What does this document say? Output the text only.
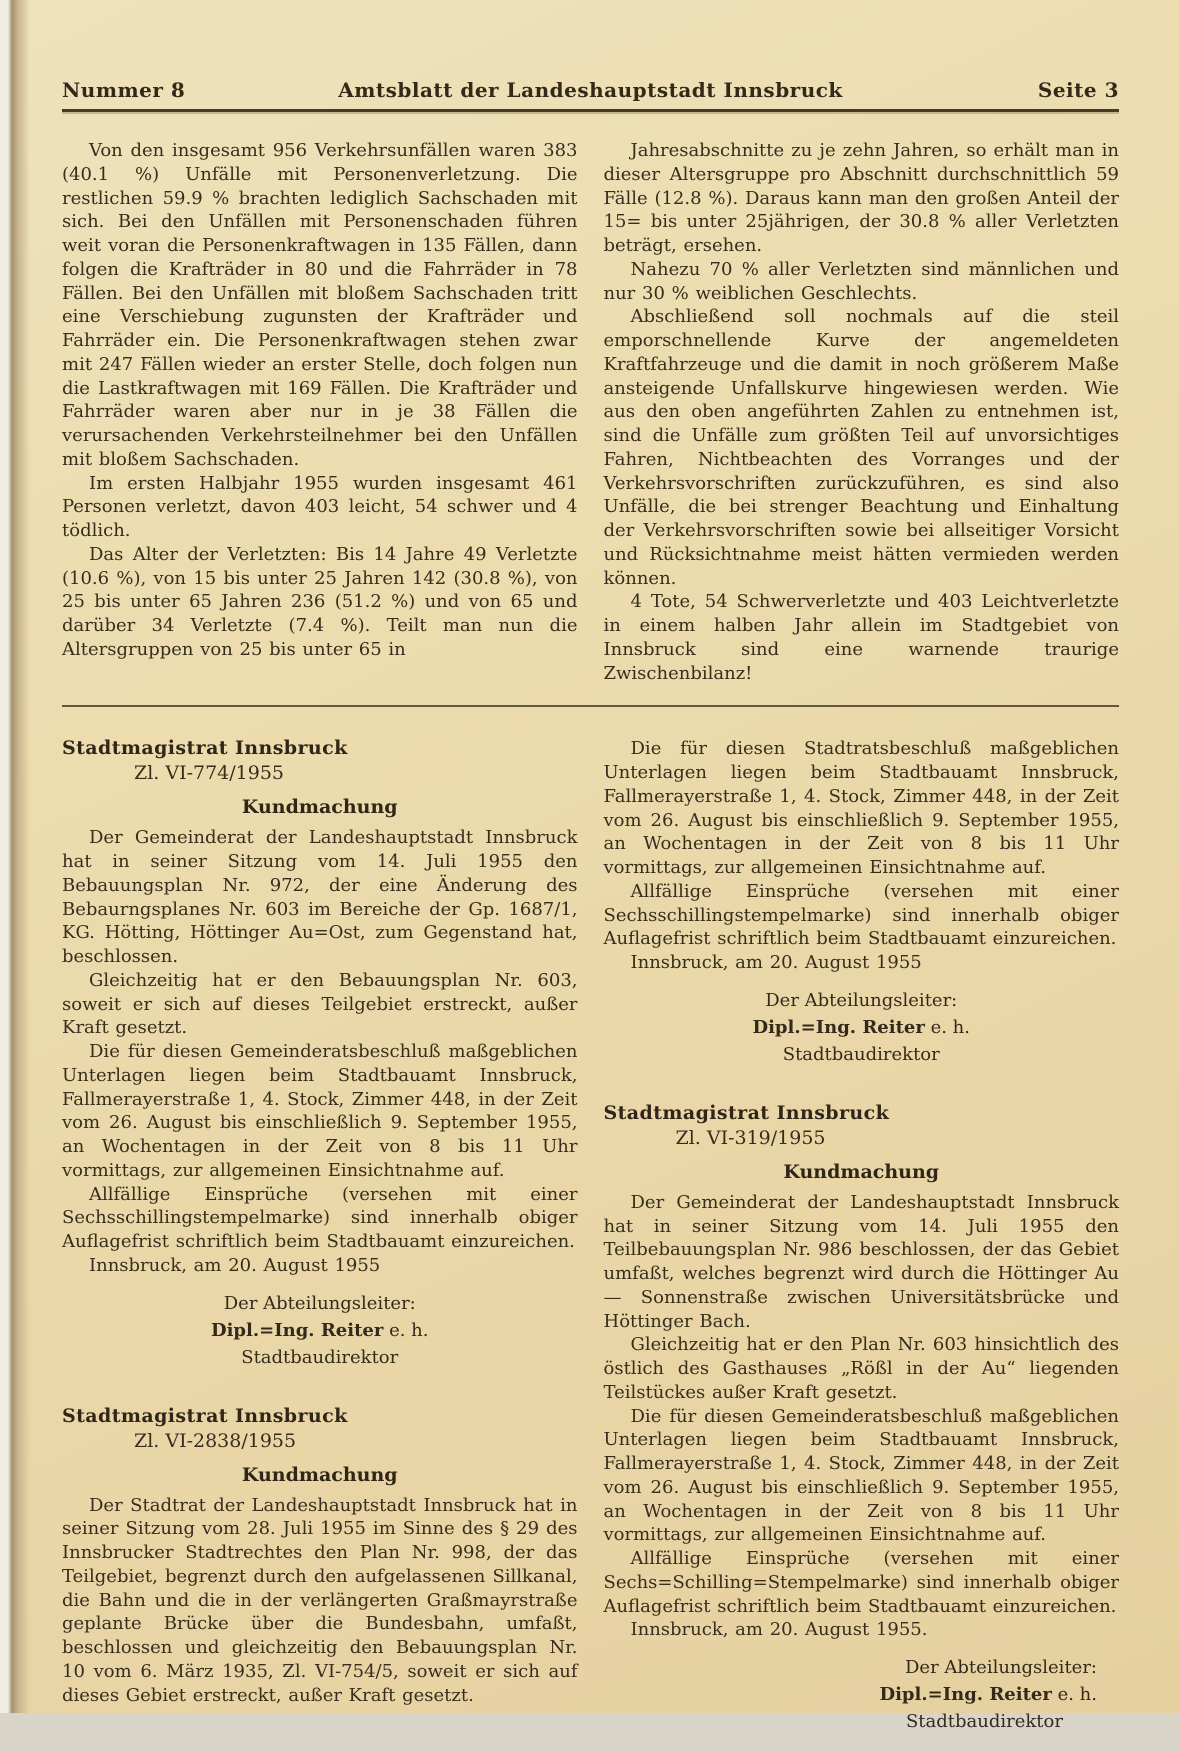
Nummer 8	Amtsblatt der Landeshauptstadt Innsbruck	Seite 3

Von den insgesamt 956 Verkehrsunfällen waren 383 (40.1 %) Unfälle mit Personenverletzung. Die restlichen 59.9 % brachten lediglich Sachschaden mit sich. Bei den Unfällen mit Personenschaden führen weit voran die Personenkraftwagen in 135 Fällen, dann folgen die Krafträder in 80 und die Fahrräder in 78 Fällen. Bei den Unfällen mit bloßem Sachschaden tritt eine Verschiebung zugunsten der Krafträder und Fahrräder ein. Die Personenkraftwagen stehen zwar mit 247 Fällen wieder an erster Stelle, doch folgen nun die Lastkraftwagen mit 169 Fällen. Die Krafträder und Fahrräder waren aber nur in je 38 Fällen die verursachenden Verkehrsteilnehmer bei den Unfällen mit bloßem Sachschaden.

Im ersten Halbjahr 1955 wurden insgesamt 461 Personen verletzt, davon 403 leicht, 54 schwer und 4 tödlich.

Das Alter der Verletzten: Bis 14 Jahre 49 Verletzte (10.6 %), von 15 bis unter 25 Jahren 142 (30.8 %), von 25 bis unter 65 Jahren 236 (51.2 %) und von 65 und darüber 34 Verletzte (7.4 %). Teilt man nun die Altersgruppen von 25 bis unter 65 in

Jahresabschnitte zu je zehn Jahren, so erhält man in dieser Altersgruppe pro Abschnitt durchschnittlich 59 Fälle (12.8 %). Daraus kann man den großen Anteil der 15= bis unter 25jährigen, der 30.8 % aller Verletzten beträgt, ersehen.

Nahezu 70 % aller Verletzten sind männlichen und nur 30 % weiblichen Geschlechts.

Abschließend soll nochmals auf die steil emporschnellende Kurve der angemeldeten Kraftfahrzeuge und die damit in noch größerem Maße ansteigende Unfallskurve hingewiesen werden. Wie aus den oben angeführten Zahlen zu entnehmen ist, sind die Unfälle zum größten Teil auf unvorsichtiges Fahren, Nichtbeachten des Vorranges und der Verkehrsvorschriften zurückzuführen, es sind also Unfälle, die bei strenger Beachtung und Einhaltung der Verkehrsvorschriften sowie bei allseitiger Vorsicht und Rücksichtnahme meist hätten vermieden werden können.

4 Tote, 54 Schwerverletzte und 403 Leichtverletzte in einem halben Jahr allein im Stadtgebiet von Innsbruck sind eine warnende traurige Zwischenbilanz!

Stadtmagistrat Innsbruck
Zl. VI-774/1955
Kundmachung

Der Gemeinderat der Landeshauptstadt Innsbruck hat in seiner Sitzung vom 14. Juli 1955 den Bebauungsplan Nr. 972, der eine Änderung des Bebaurngsplanes Nr. 603 im Bereiche der Gp. 1687/1, KG. Hötting, Höttinger Au=Ost, zum Gegenstand hat, beschlossen.

Gleichzeitig hat er den Bebauungsplan Nr. 603, soweit er sich auf dieses Teilgebiet erstreckt, außer Kraft gesetzt.

Die für diesen Gemeinderatsbeschluß maßgeblichen Unterlagen liegen beim Stadtbauamt Innsbruck, Fallmerayerstraße 1, 4. Stock, Zimmer 448, in der Zeit vom 26. August bis einschließlich 9. September 1955, an Wochentagen in der Zeit von 8 bis 11 Uhr vormittags, zur allgemeinen Einsichtnahme auf.

Allfällige Einsprüche (versehen mit einer Sechsschillingstempelmarke) sind innerhalb obiger Auflagefrist schriftlich beim Stadtbauamt einzureichen.

Innsbruck, am 20. August 1955

Der Abteilungsleiter:
Dipl.=Ing. Reiter e. h.
Stadtbaudirektor
Stadtmagistrat Innsbruck
Zl. VI-2838/1955
Kundmachung

Der Stadtrat der Landeshauptstadt Innsbruck hat in seiner Sitzung vom 28. Juli 1955 im Sinne des § 29 des Innsbrucker Stadtrechtes den Plan Nr. 998, der das Teilgebiet, begrenzt durch den aufgelassenen Sillkanal, die Bahn und die in der verlängerten Graßmayrstraße geplante Brücke über die Bundesbahn, umfaßt, beschlossen und gleichzeitig den Bebauungsplan Nr. 10 vom 6. März 1935, Zl. VI-754/5, soweit er sich auf dieses Gebiet erstreckt, außer Kraft gesetzt.

Die für diesen Stadtratsbeschluß maßgeblichen Unterlagen liegen beim Stadtbauamt Innsbruck, Fallmerayerstraße 1, 4. Stock, Zimmer 448, in der Zeit vom 26. August bis einschließlich 9. September 1955, an Wochentagen in der Zeit von 8 bis 11 Uhr vormittags, zur allgemeinen Einsichtnahme auf.

Allfällige Einsprüche (versehen mit einer Sechsschillingstempelmarke) sind innerhalb obiger Auflagefrist schriftlich beim Stadtbauamt einzureichen.

Innsbruck, am 20. August 1955

Der Abteilungsleiter:
Dipl.=Ing. Reiter e. h.
Stadtbaudirektor
Stadtmagistrat Innsbruck
Zl. VI-319/1955
Kundmachung

Der Gemeinderat der Landeshauptstadt Innsbruck hat in seiner Sitzung vom 14. Juli 1955 den Teilbebauungsplan Nr. 986 beschlossen, der das Gebiet umfaßt, welches begrenzt wird durch die Höttinger Au — Sonnenstraße zwischen Universitätsbrücke und Höttinger Bach.

Gleichzeitig hat er den Plan Nr. 603 hinsichtlich des östlich des Gasthauses „Rößl in der Au“ liegenden Teilstückes außer Kraft gesetzt.

Die für diesen Gemeinderatsbeschluß maßgeblichen Unterlagen liegen beim Stadtbauamt Innsbruck, Fallmerayerstraße 1, 4. Stock, Zimmer 448, in der Zeit vom 26. August bis einschließlich 9. September 1955, an Wochentagen in der Zeit von 8 bis 11 Uhr vormittags, zur allgemeinen Einsichtnahme auf.

Allfällige Einsprüche (versehen mit einer Sechs=Schilling=Stempelmarke) sind innerhalb obiger Auflagefrist schriftlich beim Stadtbauamt einzureichen.

Innsbruck, am 20. August 1955.

Der Abteilungsleiter:
Dipl.=Ing. Reiter e. h.
Stadtbaudirektor
